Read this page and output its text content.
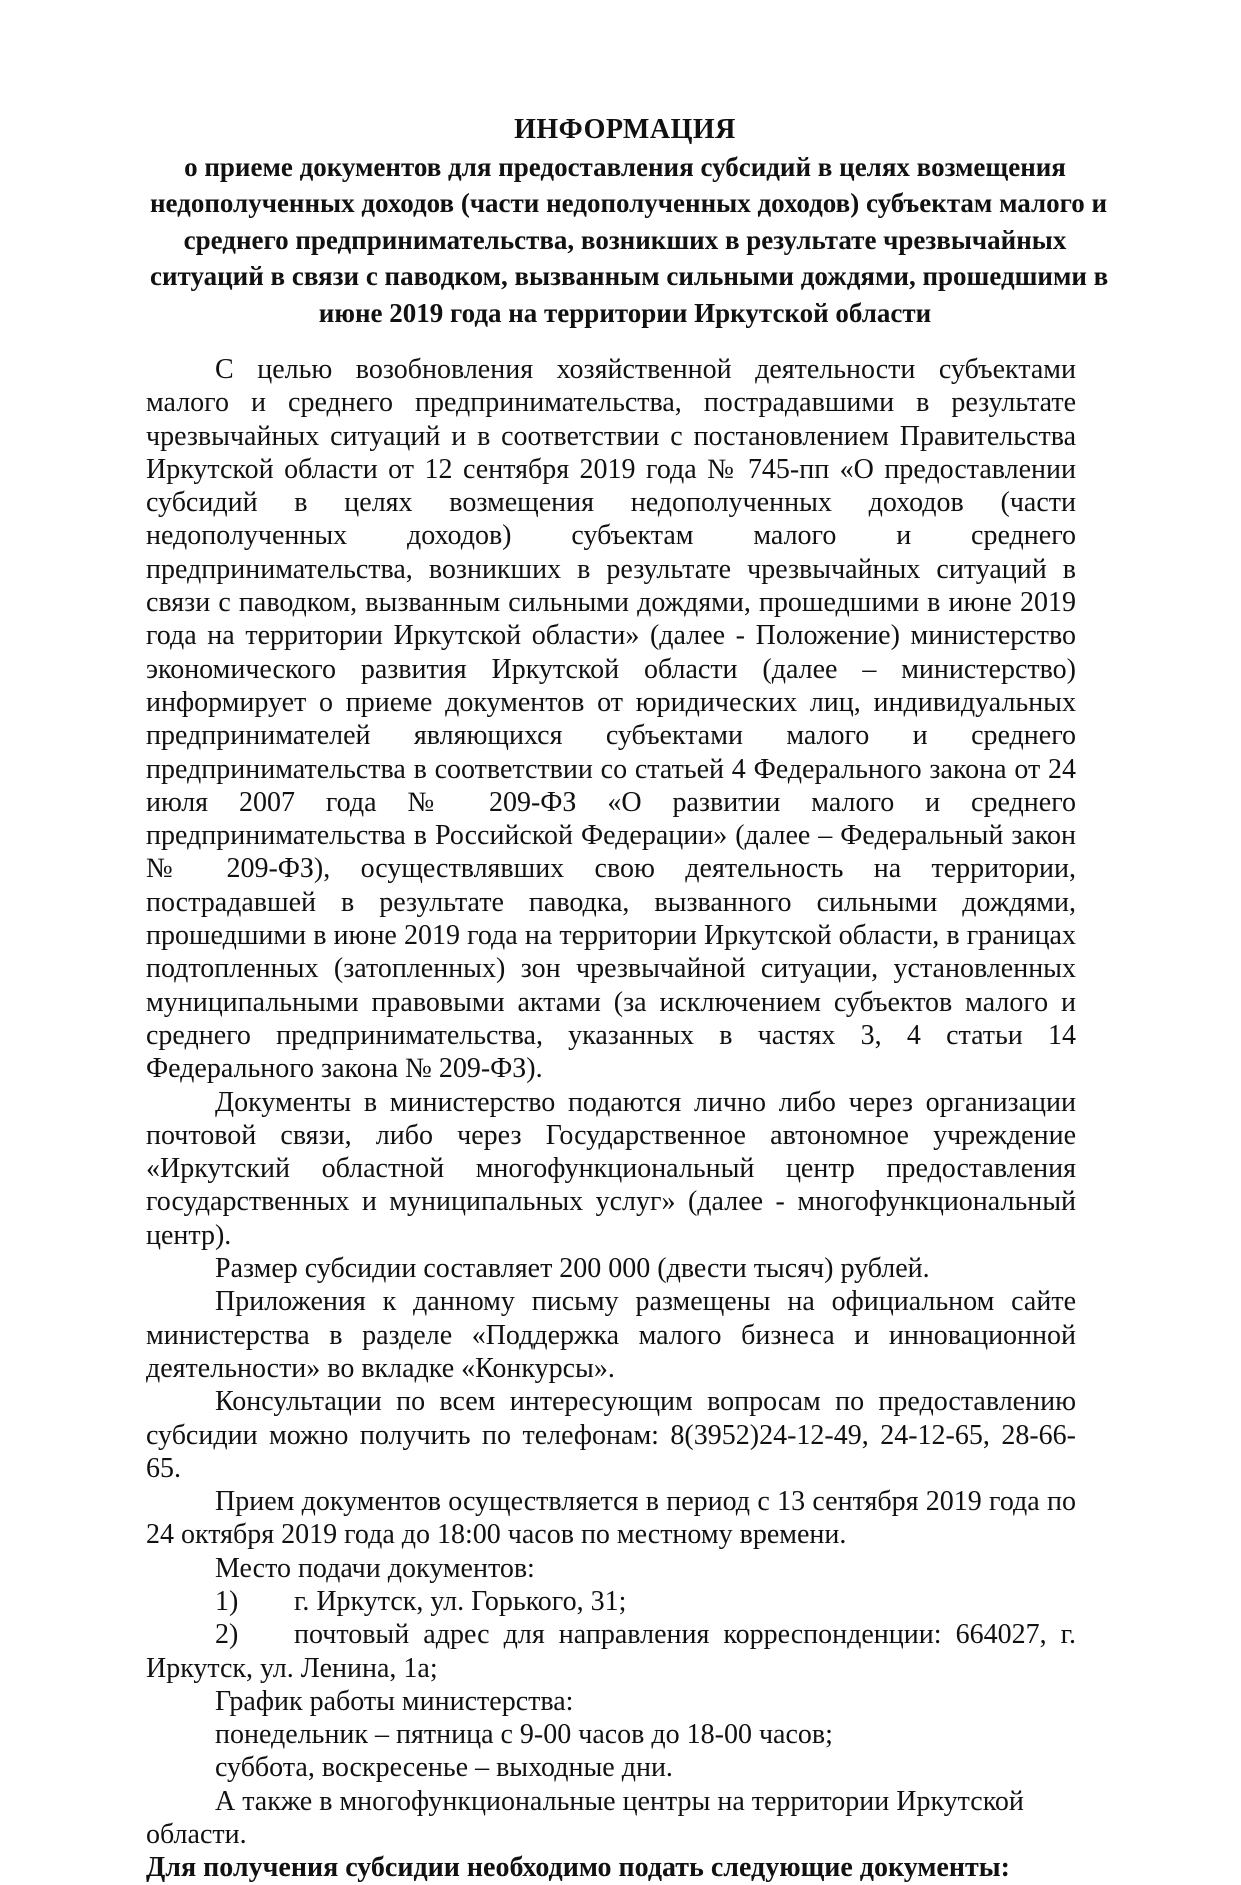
ИНФОРМАЦИЯ
о приеме документов для предоставления субсидий в целях возмещения
недополученных доходов (части недополученных доходов) субъектам малого и
среднего предпринимательства, возникших в результате чрезвычайных
ситуаций в связи с паводком, вызванным сильными дождями, прошедшими в
июне 2019 года на территории Иркутской области

С целью возобновления хозяйственной деятельности субъектами малого и среднего предпринимательства, пострадавшими в результате чрезвычайных ситуаций и в соответствии с постановлением Правительства Иркутской области от 12 сентября 2019 года № 745-пп «О предоставлении субсидий в целях возмещения недополученных доходов (части недополученных доходов) субъектам малого и среднего предпринимательства, возникших в результате чрезвычайных ситуаций в связи с паводком, вызванным сильными дождями, прошедшими в июне 2019 года на территории Иркутской области» (далее - Положение) министерство экономического развития Иркутской области (далее – министерство) информирует о приеме документов от юридических лиц, индивидуальных предпринимателей являющихся субъектами малого и среднего предпринимательства в соответствии со статьей 4 Федерального закона от 24 июля 2007 года № 209-ФЗ «О развитии малого и среднего предпринимательства в Российской Федерации» (далее – Федеральный закон № 209-ФЗ), осуществлявших свою деятельность на территории, пострадавшей в результате паводка, вызванного сильными дождями, прошедшими в июне 2019 года на территории Иркутской области, в границах подтопленных (затопленных) зон чрезвычайной ситуации, установленных муниципальными правовыми актами (за исключением субъектов малого и среднего предпринимательства, указанных в частях 3, 4 статьи 14 Федерального закона № 209-ФЗ).

Документы в министерство подаются лично либо через организации почтовой связи, либо через Государственное автономное учреждение «Иркутский областной многофункциональный центр предоставления государственных и муниципальных услуг» (далее - многофункциональный центр).

Размер субсидии составляет 200 000 (двести тысяч) рублей.

Приложения к данному письму размещены на официальном сайте министерства в разделе «Поддержка малого бизнеса и инновационной деятельности» во вкладке «Конкурсы».

Консультации по всем интересующим вопросам по предоставлению субсидии можно получить по телефонам: 8(3952)24-12-49, 24-12-65, 28-66-65.

Прием документов осуществляется в период с 13 сентября 2019 года по 24 октября 2019 года до 18:00 часов по местному времени.

Место подачи документов:

1) г. Иркутск, ул. Горького, 31;

2) почтовый адрес для направления корреспонденции: 664027, г. Иркутск, ул. Ленина, 1а;

График работы министерства:

понедельник – пятница с 9-00 часов до 18-00 часов;

суббота, воскресенье – выходные дни.

А также в многофункциональные центры на территории Иркутской области.

Для получения субсидии необходимо подать следующие документы:
